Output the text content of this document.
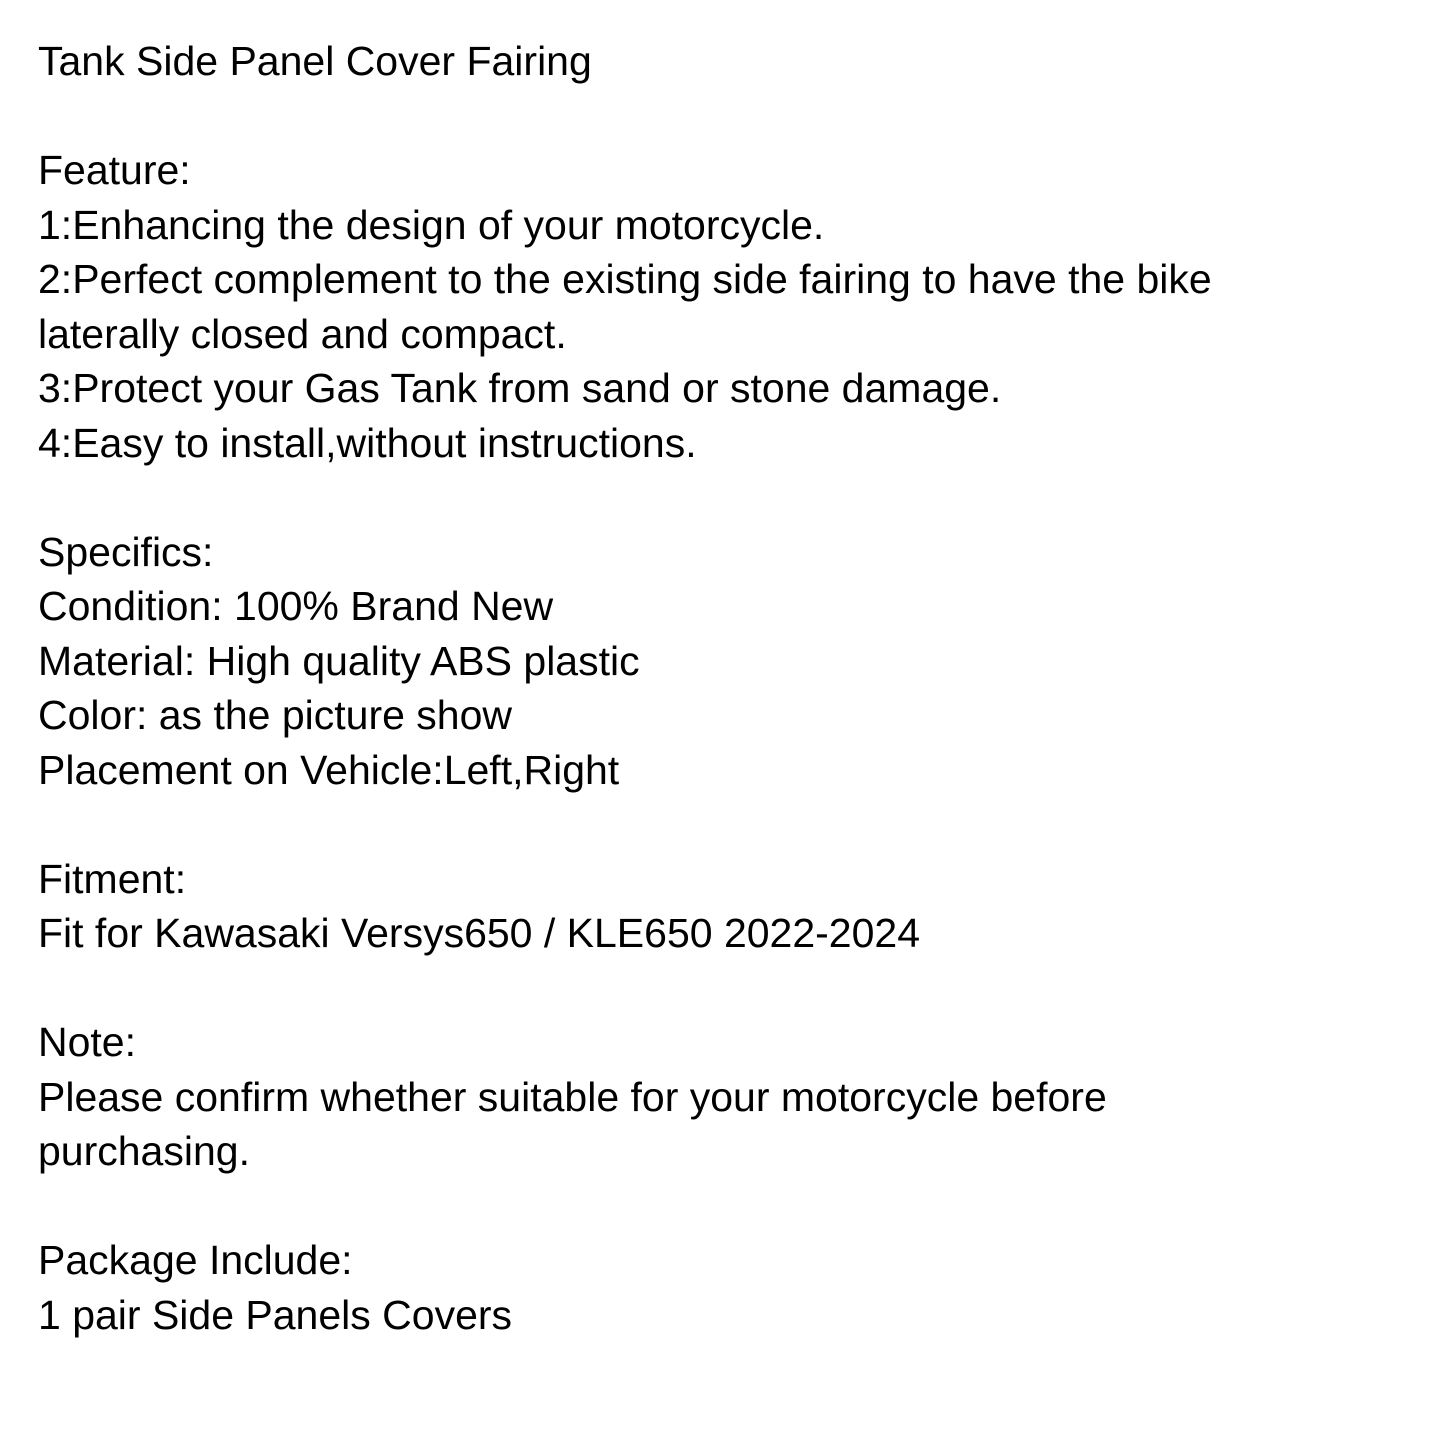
Tank Side Panel Cover Fairing

Feature:

1:Enhancing the design of your motorcycle.

2:Perfect complement to the existing side fairing to have the bike

laterally closed and compact.

3:Protect your Gas Tank from sand or stone damage.

4:Easy to install,without instructions.

Specifics:

Condition: 100% Brand New

Material: High quality ABS plastic

Color: as the picture show

Placement on Vehicle:Left,Right

Fitment:

Fit for Kawasaki Versys650 / KLE650 2022-2024

Note:

Please confirm whether suitable for your motorcycle before

purchasing.

Package Include:

1 pair Side Panels Covers
